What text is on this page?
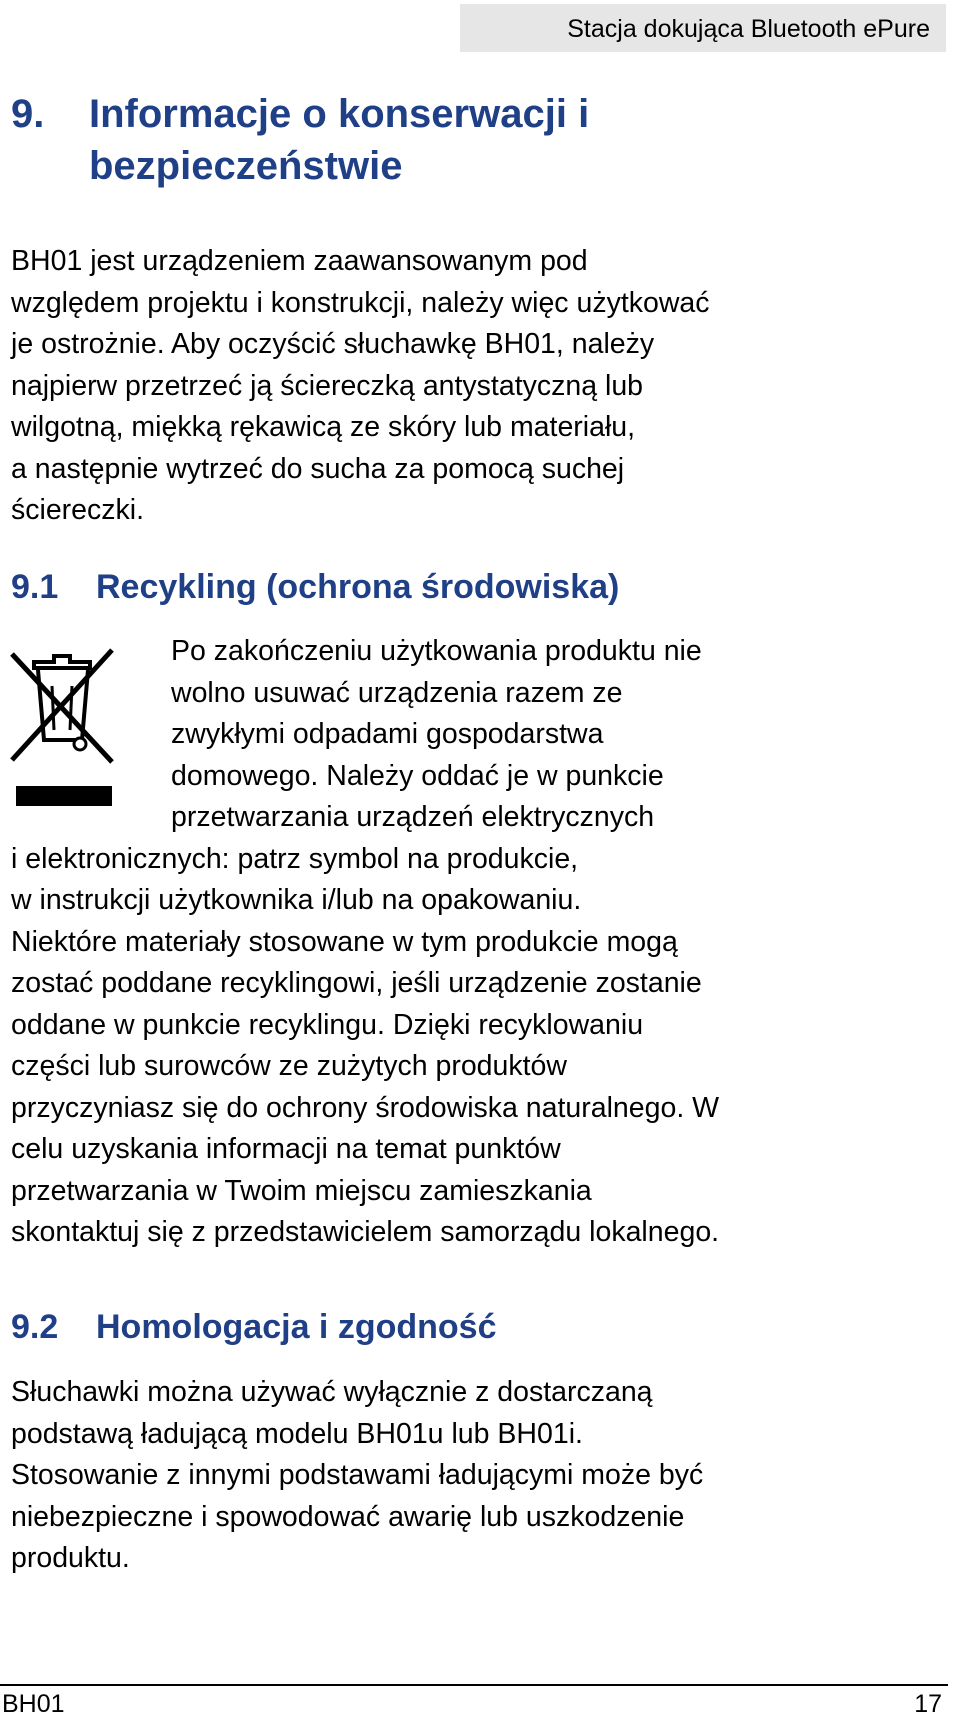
Stacja dokująca Bluetooth ePure
9. Informacje o konserwacji i
bezpieczeństwie
BH01 jest urządzeniem zaawansowanym pod
względem projektu i konstrukcji, należy więc użytkować
je ostrożnie. Aby oczyścić słuchawkę BH01, należy
najpierw przetrzeć ją ściereczką antystatyczną lub
wilgotną, miękką rękawicą ze skóry lub materiału,
a następnie wytrzeć do sucha za pomocą suchej
ściereczki.
9.1 Recykling (ochrona środowiska)
Po zakończeniu użytkowania produktu nie
wolno usuwać urządzenia razem ze
zwykłymi odpadami gospodarstwa
domowego. Należy oddać je w punkcie
przetwarzania urządzeń elektrycznych
i elektronicznych: patrz symbol na produkcie,
w instrukcji użytkownika i/lub na opakowaniu.
Niektóre materiały stosowane w tym produkcie mogą
zostać poddane recyklingowi, jeśli urządzenie zostanie
oddane w punkcie recyklingu. Dzięki recyklowaniu
części lub surowców ze zużytych produktów
przyczyniasz się do ochrony środowiska naturalnego. W
celu uzyskania informacji na temat punktów
przetwarzania w Twoim miejscu zamieszkania
skontaktuj się z przedstawicielem samorządu lokalnego.
9.2 Homologacja i zgodność
Słuchawki można używać wyłącznie z dostarczaną
podstawą ładującą modelu BH01u lub BH01i.
Stosowanie z innymi podstawami ładującymi może być
niebezpieczne i spowodować awarię lub uszkodzenie
produktu.
BH01	17
